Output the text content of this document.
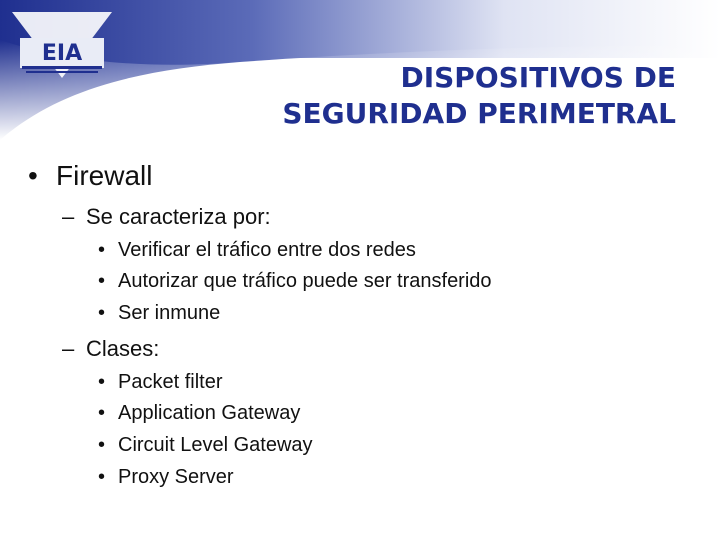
EIA
DISPOSITIVOS DE
SEGURIDAD PERIMETRAL
• Firewall
– Se caracteriza por:
• Verificar el tráfico entre dos redes
• Autorizar que tráfico puede ser transferido
• Ser inmune
– Clases:
• Packet filter
• Application Gateway
• Circuit Level Gateway
• Proxy Server
